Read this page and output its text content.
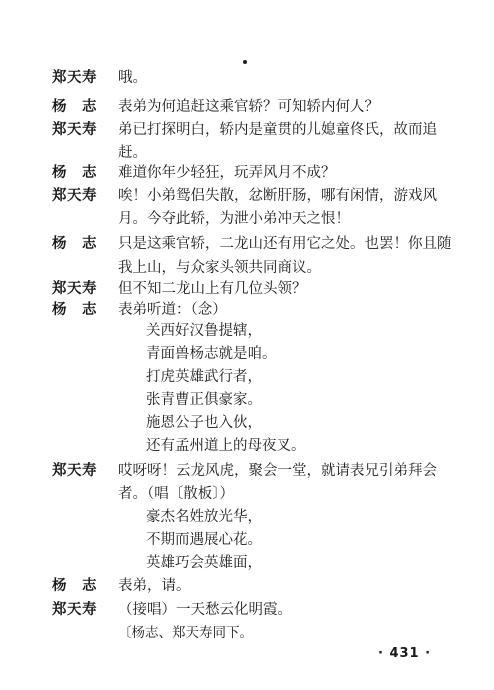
郑天寿	哦。
杨　志	表弟为何追赶这乘官轿？可知轿内何人？
郑天寿	弟已打探明白，轿内是童贯的儿媳童佟氏，故而追
赶。
杨　志	难道你年少轻狂，玩弄风月不成？
郑天寿	唉！小弟鸳侣失散，忿断肝肠，哪有闲情，游戏风
月。今夺此轿，为泄小弟冲天之恨！
杨　志	只是这乘官轿，二龙山还有用它之处。也罢！你且随
我上山，与众家头领共同商议。
郑天寿	但不知二龙山上有几位头领？
杨　志	表弟听道：（念）
关西好汉鲁提辖，
青面兽杨志就是咱。
打虎英雄武行者，
张青曹正俱豪家。
施恩公子也入伙，
还有孟州道上的母夜叉。
郑天寿	哎呀呀！云龙风虎，聚会一堂，就请表兄引弟拜会
者。（唱〔散板〕）
豪杰名姓放光华，
不期而遇展心花。
英雄巧会英雄面，
杨　志	表弟，请。
郑天寿	（接唱）一天愁云化明霞。
〔杨志、郑天寿同下。
· 431 ·
